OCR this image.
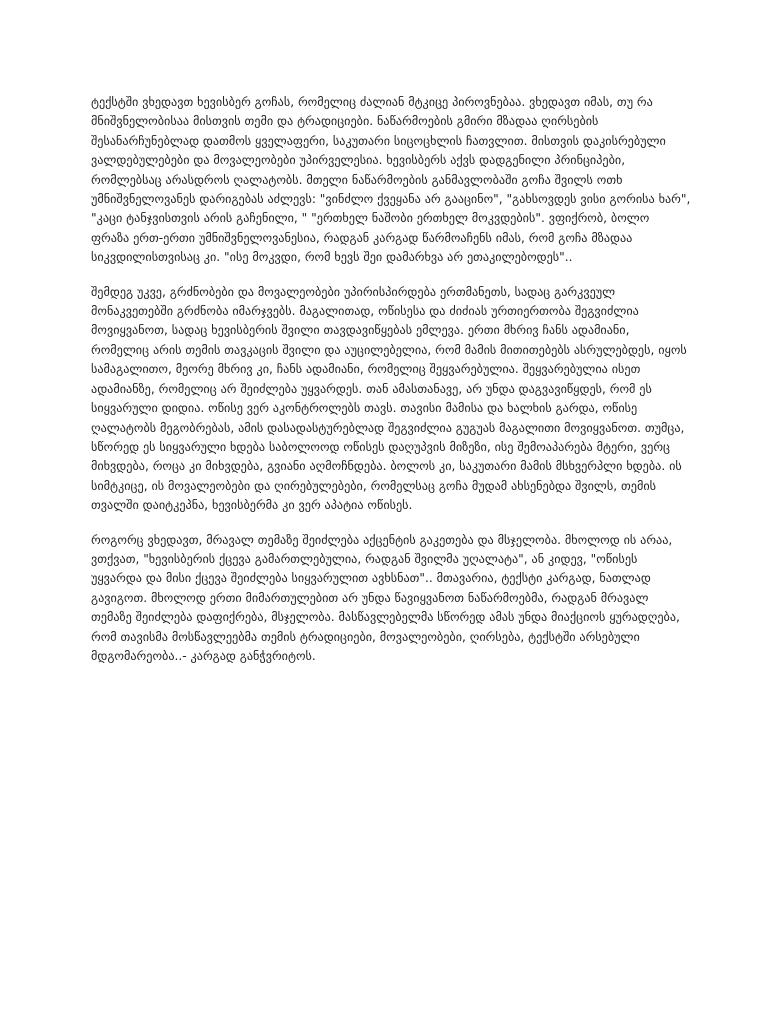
ტექსტში ვხედავთ ხევისბერ გოჩას, რომელიც ძალიან მტკიცე პიროვნებაა. ვხედავთ იმას, თუ რა მნიშვნელობისაა მისთვის თემი და ტრადიციები. ნაწარმოების გმირი მზადაა ღირსების შესანარჩუნებლად დათმოს ყველაფერი, საკუთარი სიცოცხლის ჩათვლით. მისთვის დაკისრებული ვალდებულებები და მოვალეობები უპირველესია. ხევისბერს აქვს დადგენილი პრინციპები, რომლებსაც არასდროს ღალატობს. მთელი ნაწარმოების განმავლობაში გოჩა შვილს ოთხ უმნიშვნელოვანეს დარიგებას აძლევს: "ვინძლო ქვეყანა არ გააცინო", "გახსოვდეს ვისი გორისა ხარ", "კაცი ტანჯვისთვის არის გაჩენილი, " "ერთხელ ნაშობი ერთხელ მოკვდების". ვფიქრობ, ბოლო ფრაზა ერთ-ერთი უმნიშვნელოვანესია, რადგან კარგად წარმოაჩენს იმას, რომ გოჩა მზადაა სიკვდილისთვისაც კი. "ისე მოკვდი, რომ ხევს შეი დამარხვა არ ეთაკილებოდეს"..

შემდეგ უკვე, გრძნობები და მოვალეობები უპირისპირდება ერთმანეთს, სადაც გარკვეულ მონაკვეთებში გრძნობა იმარჯვებს. მაგალითად, ოწისესა და ძიძიას ურთიერთობა შეგვიძლია მოვიყვანოთ, სადაც ხევისბერის შვილი თავდავიწყებას ემლევა. ერთი მხრივ ჩანს ადამიანი, რომელიც არის თემის თავკაცის შვილი და აუცილებელია, რომ მამის მითითებებს ასრულებდეს, იყოს სამაგალითო, მეორე მხრივ კი, ჩანს ადამიანი, რომელიც შეყვარებულია. შეყვარებულია ისეთ ადამიანზე, რომელიც არ შეიძლება უყვარდეს. თან ამასთანავე, არ უნდა დაგვავიწყდეს, რომ ეს სიყვარული დიდია. ოწისე ვერ აკონტროლებს თავს. თავისი მამისა და ხალხის გარდა, ოწისე ღალატობს მეგობრებას, ამის დასადასტურებლად შეგვიძლია გუგუას მაგალითი მოვიყვანოთ. თუმცა, სწორედ ეს სიყვარული ხდება საბოლოოდ ოწისეს დაღუპვის მიზეზი, ისე შემოაპარება მტერი, ვერც მიხვდება, როცა კი მიხვდება, გვიანი აღმოჩნდება. ბოლოს კი, საკუთარი მამის მსხვერპლი ხდება. ის სიმტკიცე, ის მოვალეობები და ღირებულებები, რომელსაც გოჩა მუდამ ახსენებდა შვილს, თემის თვალში დაიტკეპნა, ხევისბერმა კი ვერ აპატია ოწისეს.

როგორც ვხედავთ, მრავალ თემაზე შეიძლება აქცენტის გაკეთება და მსჯელობა. მხოლოდ ის არაა, ვთქვათ, "ხევისბერის ქცევა გამართლებულია, რადგან შვილმა უღალატა", ან კიდევ, "ოწისეს უყვარდა და მისი ქცევა შეიძლება სიყვარულით ავხსნათ".. მთავარია, ტექსტი კარგად, ნათლად გავიგოთ. მხოლოდ ერთი მიმართულებით არ უნდა წავიყვანოთ ნაწარმოებმა, რადგან მრავალ თემაზე შეიძლება დაფიქრება, მსჯელობა. მასწავლებელმა სწორედ ამას უნდა მიაქციოს ყურადღება, რომ თავისმა მოსწავლეებმა თემის ტრადიციები, მოვალეობები, ღირსება, ტექსტში არსებული მდგომარეობა..- კარგად განჭვრიტოს.
